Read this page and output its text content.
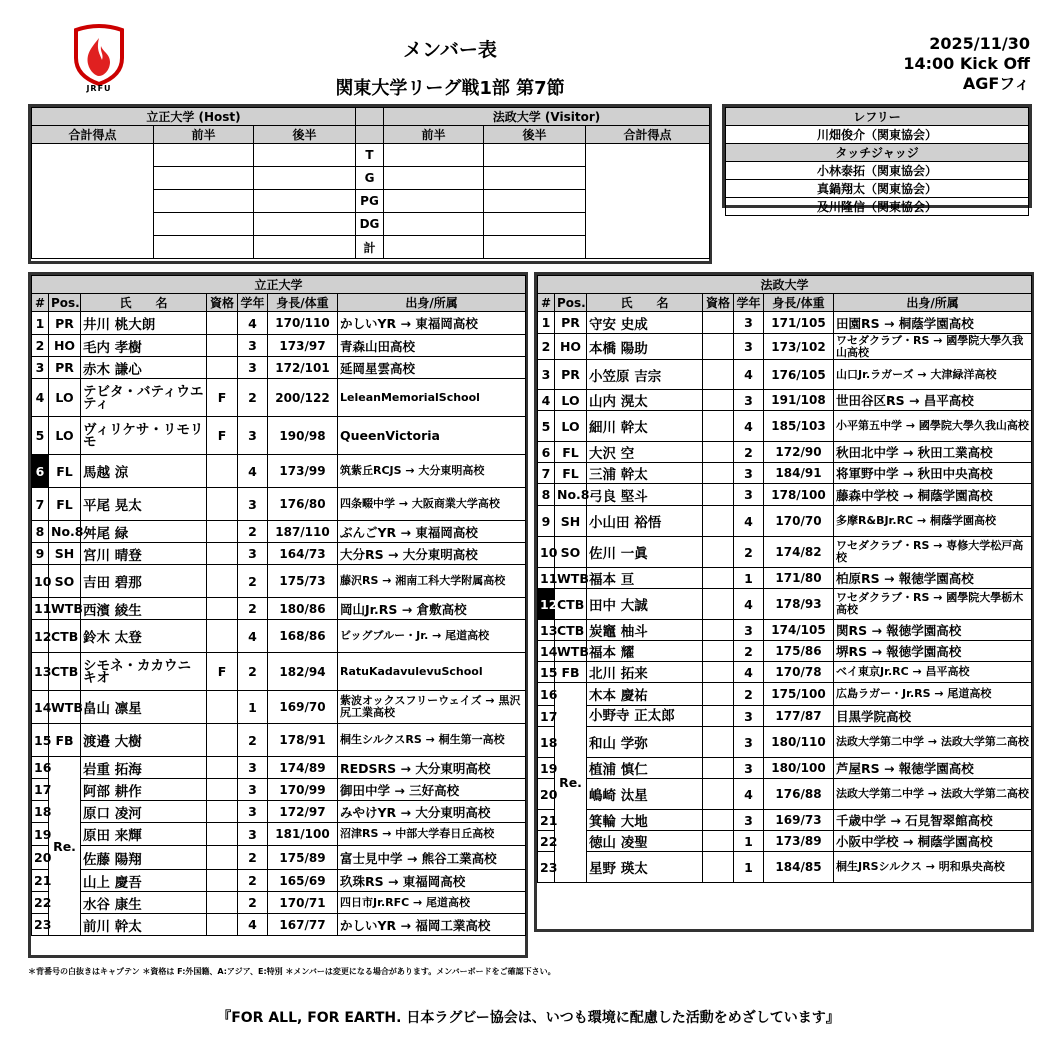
JRFU
メンバー表
関東大学リーグ戦1部 第7節
2025/11/30
14:00 Kick Off
AGFフィ
立正大学 (Host)				法政大学 (Visitor)		
合計得点	前半	後半		前半	後半	合計得点
			T			
			G			
			PG			
			DG			
			計			
レフリー
川畑俊介（関東協会）
タッチジャッジ
小林泰拓（関東協会）
真鍋翔太（関東協会）
及川隆信（関東協会）
立正大学						
#	Pos.	氏　　名	資格	学年	身長/体重	出身/所属
1	PR	井川 桃大朗		4	170/110	かしいYR → 東福岡高校
2	HO	毛内 孝樹		3	173/97	青森山田高校
3	PR	赤木 謙心		3	172/101	延岡星雲高校
4	LO	テビタ・バティウエティ	F	2	200/122	LeleanMemorialSchool
5	LO	ヴィリケサ・リモリモ	F	3	190/98	QueenVictoria
6	FL	馬越 涼		4	173/99	筑紫丘RCJS → 大分東明高校
7	FL	平尾 晃太		3	176/80	四条畷中学 → 大阪商業大学高校
8	No.8	舛尾 緑		2	187/110	ぶんごYR → 東福岡高校
9	SH	宮川 晴登		3	164/73	大分RS → 大分東明高校
10	SO	吉田 碧那		2	175/73	藤沢RS → 湘南工科大学附属高校
11	WTB	西濱 綾生		2	180/86	岡山Jr.RS → 倉敷高校
12	CTB	鈴木 太登		4	168/86	ビッグブルー・Jr. → 尾道高校
13	CTB	シモネ・カカウニキオ	F	2	182/94	RatuKadavulevuSchool
14	WTB	畠山 凛星		1	169/70	紫波オックスフリーウェイズ → 黒沢尻工業高校
15	FB	渡邉 大樹		2	178/91	桐生シルクスRS → 桐生第一高校
16	Re.	岩重 拓海		3	174/89	REDSRS → 大分東明高校
17		阿部 耕作		3	170/99	御田中学 → 三好高校
18		原口 凌河		3	172/97	みやけYR → 大分東明高校
19		原田 来輝		3	181/100	沼津RS → 中部大学春日丘高校
20		佐藤 陽翔		2	175/89	富士見中学 → 熊谷工業高校
21		山上 慶吾		2	165/69	玖珠RS → 東福岡高校
22		水谷 康生		2	170/71	四日市Jr.RFC → 尾道高校
23		前川 幹太		4	167/77	かしいYR → 福岡工業高校
法政大学						
#	Pos.	氏　　名	資格	学年	身長/体重	出身/所属
1	PR	守安 史成		3	171/105	田園RS → 桐蔭学園高校
2	HO	本橋 陽助		3	173/102	ワセダクラブ・RS → 國學院大學久我山高校
3	PR	小笠原 吉宗		4	176/105	山口Jr.ラガーズ → 大津緑洋高校
4	LO	山内 滉太		3	191/108	世田谷区RS → 昌平高校
5	LO	細川 幹太		4	185/103	小平第五中学 → 國學院大學久我山高校
6	FL	大沢 空		2	172/90	秋田北中学 → 秋田工業高校
7	FL	三浦 幹太		3	184/91	将軍野中学 → 秋田中央高校
8	No.8	弓良 堅斗		3	178/100	藤森中学校 → 桐蔭学園高校
9	SH	小山田 裕悟		4	170/70	多摩R&BJr.RC → 桐蔭学園高校
10	SO	佐川 一眞		2	174/82	ワセダクラブ・RS → 専修大学松戸高校
11	WTB	福本 亘		1	171/80	柏原RS → 報徳学園高校
12	CTB	田中 大誠		4	178/93	ワセダクラブ・RS → 國學院大學栃木高校
13	CTB	炭竈 柚斗		3	174/105	関RS → 報徳学園高校
14	WTB	福本 耀		2	175/86	堺RS → 報徳学園高校
15	FB	北川 拓来		4	170/78	ベイ東京Jr.RC → 昌平高校
16	Re.	木本 慶祐		2	175/100	広島ラガー・Jr.RS → 尾道高校
17		小野寺 正太郎		3	177/87	目黒学院高校
18		和山 学弥		3	180/110	法政大学第二中学 → 法政大学第二高校
19		植浦 慎仁		3	180/100	芦屋RS → 報徳学園高校
20		嶋崎 汰星		4	176/88	法政大学第二中学 → 法政大学第二高校
21		箕輪 大地		3	169/73	千歳中学 → 石見智翠館高校
22		徳山 凌聖		1	173/89	小阪中学校 → 桐蔭学園高校
23		星野 瑛太		1	184/85	桐生JRSシルクス → 明和県央高校
＊背番号の白抜きはキャプテン ＊資格は F:外国籍、A:アジア、E:特別 ＊メンバーは変更になる場合があります。メンバーボードをご確認下さい。
『FOR ALL, FOR EARTH. 日本ラグビー協会は、いつも環境に配慮した活動をめざしています』
